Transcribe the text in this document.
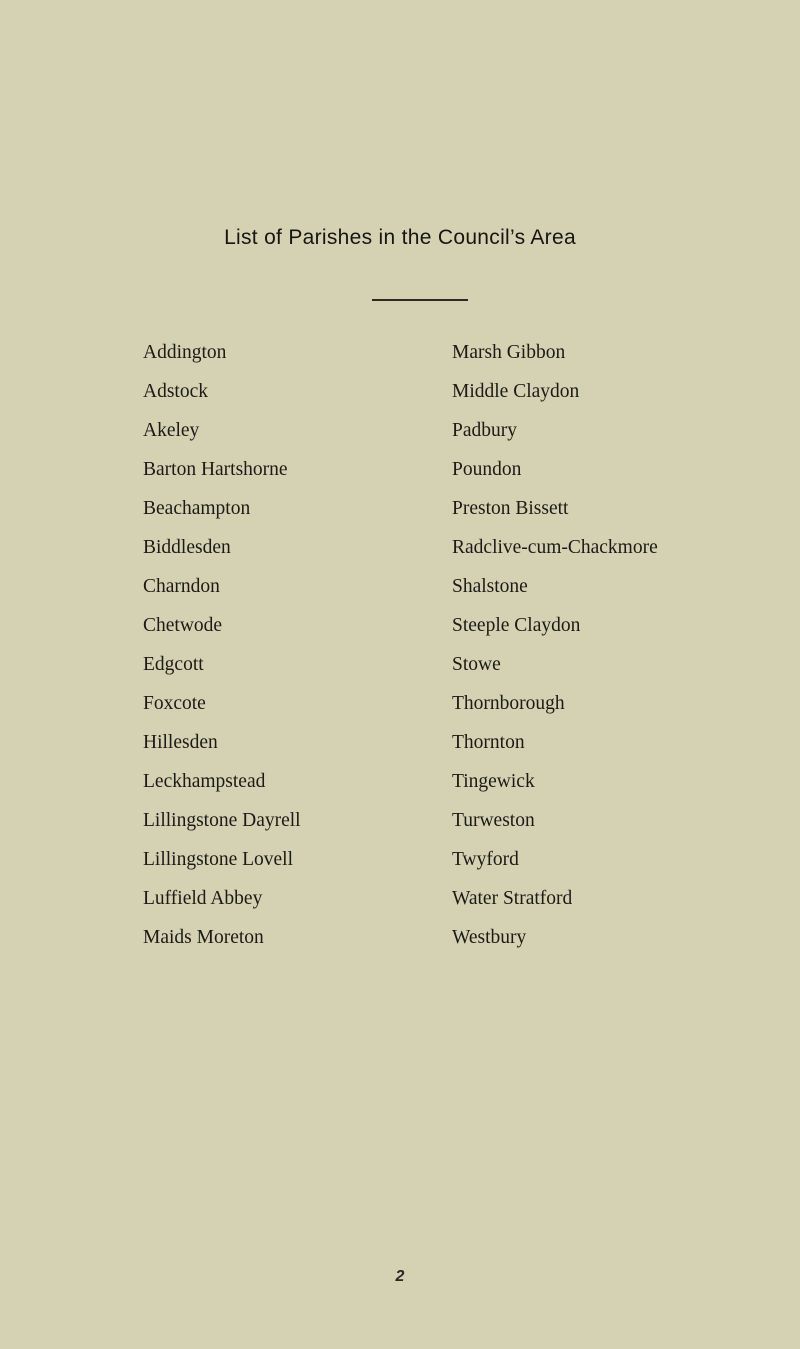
List of Parishes in the Council’s Area
Addington
Adstock
Akeley
Barton Hartshorne
Beachampton
Biddlesden
Charndon
Chetwode
Edgcott
Foxcote
Hillesden
Leckhampstead
Lillingstone Dayrell
Lillingstone Lovell
Luffield Abbey
Maids Moreton
Marsh Gibbon
Middle Claydon
Padbury
Poundon
Preston Bissett
Radclive-cum-Chackmore
Shalstone
Steeple Claydon
Stowe
Thornborough
Thornton
Tingewick
Turweston
Twyford
Water Stratford
Westbury
2
